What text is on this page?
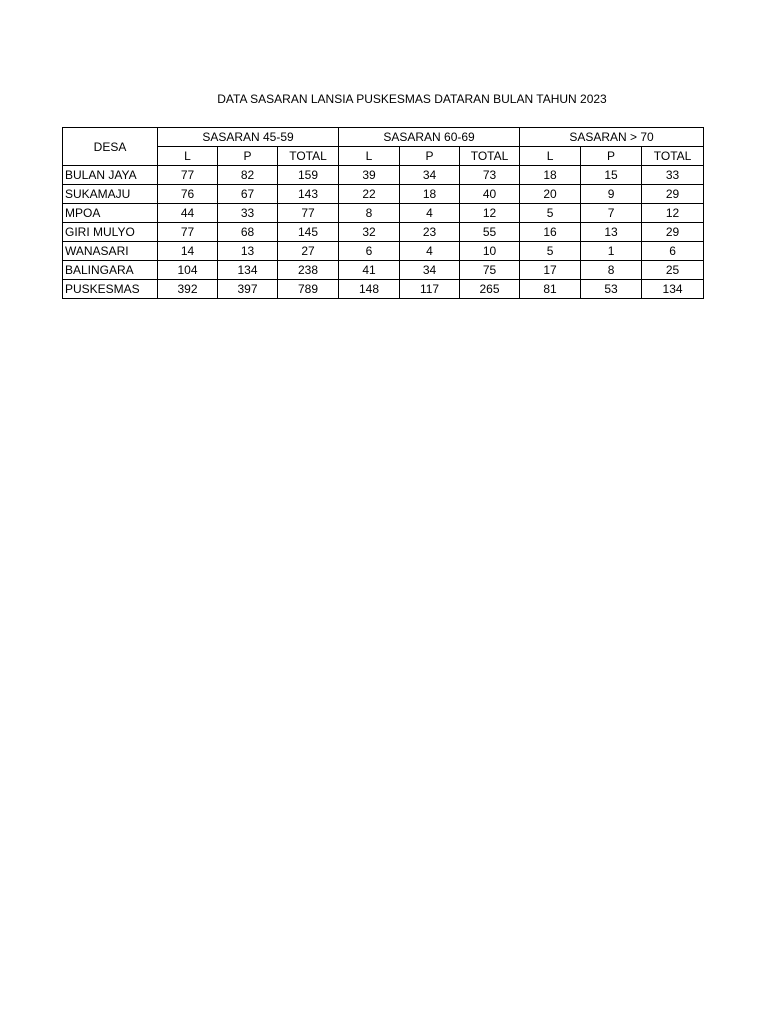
DATA SASARAN LANSIA PUSKESMAS DATARAN BULAN TAHUN 2023
DESA	SASARAN 45-59			SASARAN 60-69			SASARAN > 70		
	L	P	TOTAL	L	P	TOTAL	L	P	TOTAL
BULAN JAYA	77	82	159	39	34	73	18	15	33
SUKAMAJU	76	67	143	22	18	40	20	9	29
MPOA	44	33	77	8	4	12	5	7	12
GIRI MULYO	77	68	145	32	23	55	16	13	29
WANASARI	14	13	27	6	4	10	5	1	6
BALINGARA	104	134	238	41	34	75	17	8	25
PUSKESMAS	392	397	789	148	117	265	81	53	134
